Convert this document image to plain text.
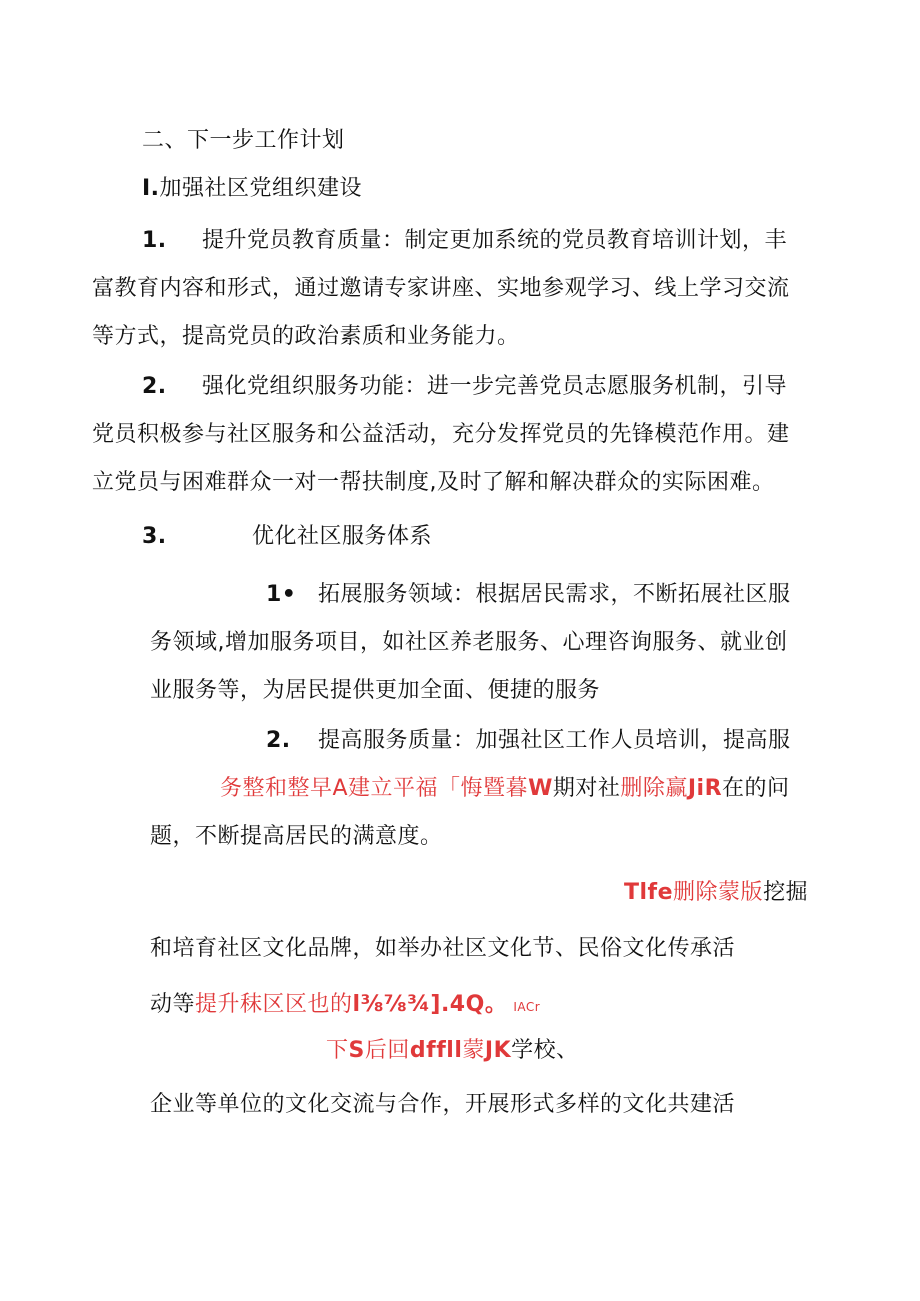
二、下一步工作计划
I.加强社区党组织建设
1. 提升党员教育质量：制定更加系统的党员教育培训计划，丰
富教育内容和形式，通过邀请专家讲座、实地参观学习、线上学习交流
等方式，提高党员的政治素质和业务能力。
2. 强化党组织服务功能：进一步完善党员志愿服务机制，引导
党员积极参与社区服务和公益活动，充分发挥党员的先锋模范作用。建
立党员与困难群众一对一帮扶制度,及时了解和解决群众的实际困难。
3.	优化社区服务体系
1• 拓展服务领域：根据居民需求，不断拓展社区服
务领域,增加服务项目，如社区养老服务、心理咨询服务、就业创
业服务等，为居民提供更加全面、便捷的服务
2. 提高服务质量：加强社区工作人员培训，提高服
务整和整早A建立平福「悔暨暮W期对社删除赢JiR在的问
题，不断提高居民的满意度。
Tlfe删除蒙版挖掘
和培育社区文化品牌，如举办社区文化节、民俗文化传承活
动等提升秣区区也的l⅜⅞¾].4Q。 IACr
下S后回dffll蒙JK学校、
企业等单位的文化交流与合作，开展形式多样的文化共建活
